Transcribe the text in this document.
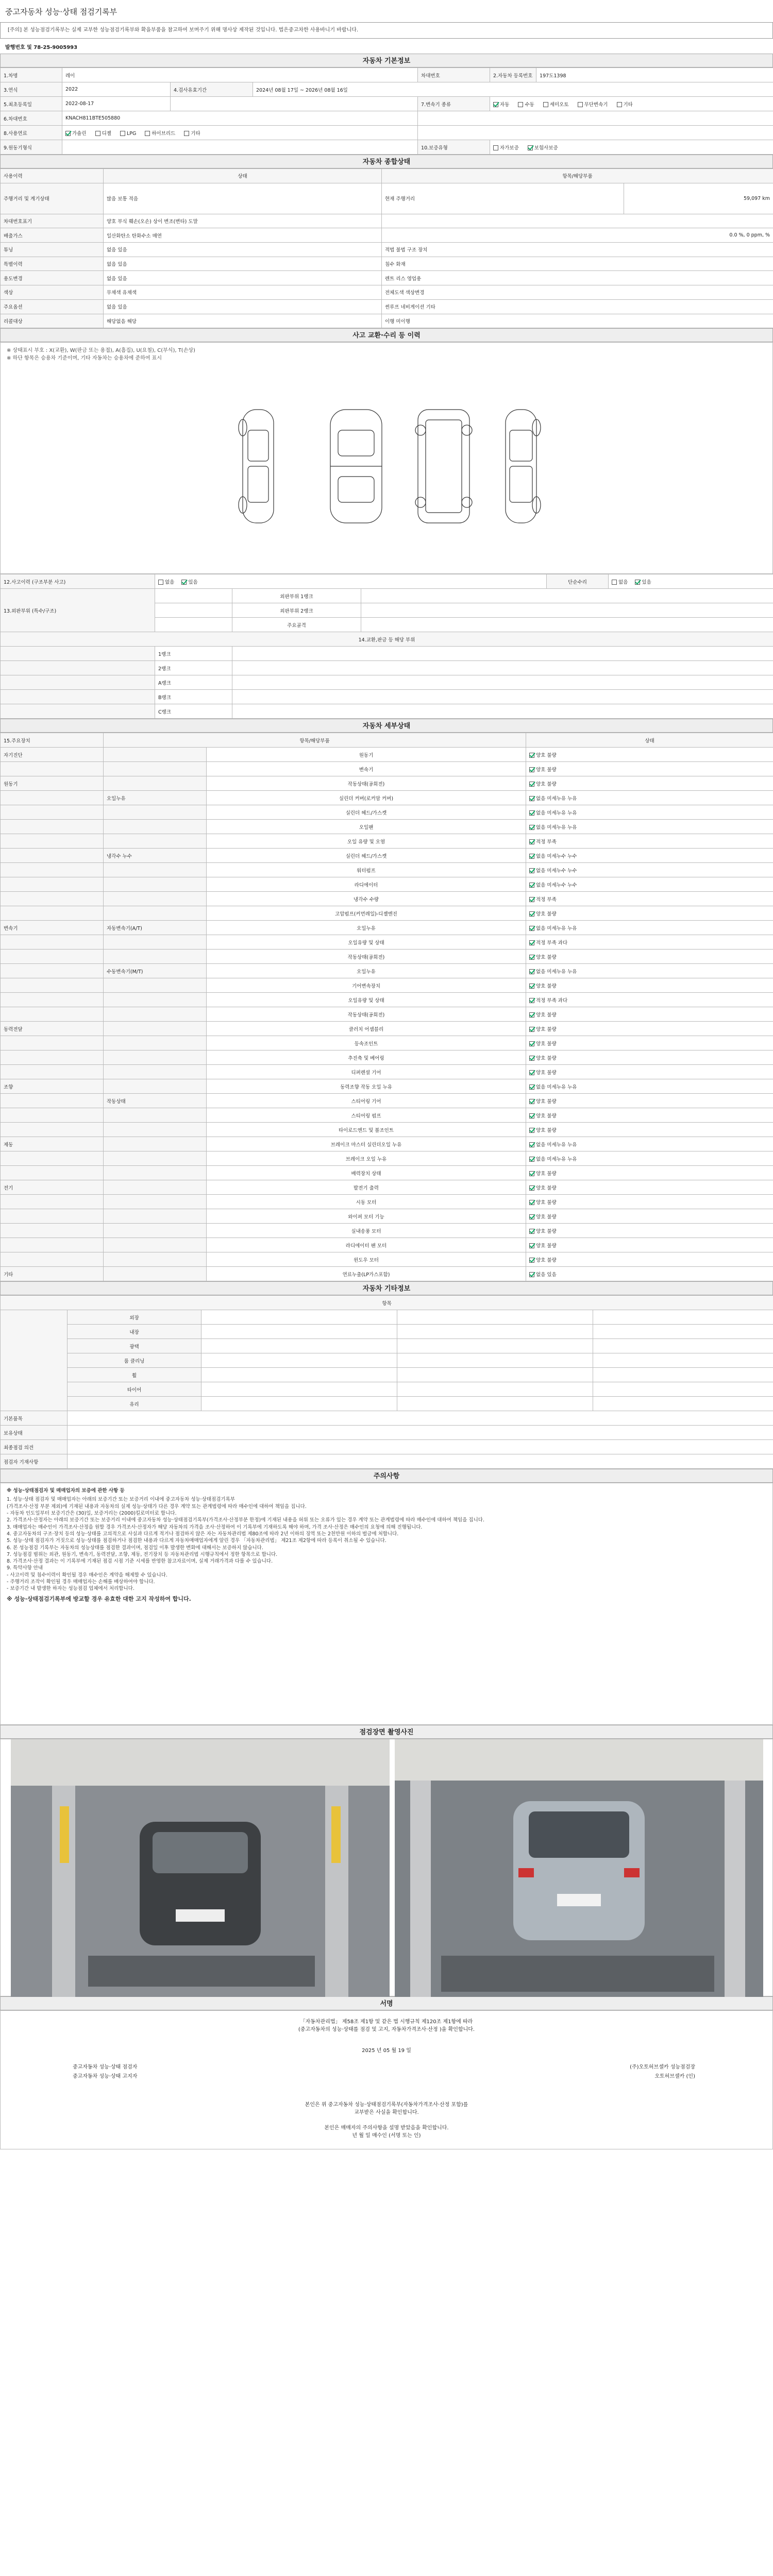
중고자동차 성능·상태 점검기록부
[주의] 본 성능점검기록부는 실제 교부한 성능점검기록부와 확을부품을 참고하여 보며주기 위해 명사상 제작된 것입니다. 법은중고차한 사용바니기 바랍니다.
발행번호 및 78-25-9005993
자동차 기본정보
1.차명	레이			차대번호	2.자동차 등록번호	197도1398
3.연식	2022	4.검사유효기간	2024년 08월 17일 ~ 2026년 08월 16일			
5.최초등록일	2022-08-17			7.변속기 종류	자동 수동 세미오토 무단변속기 기타	
6.차대번호	KNACH811BTE505880					
8.사용연료	가솔린 디젤 LPG 하이브리드 기타					
9.원동기형식				10.보증유형	자가보증 보험사보증	
자동차 종합상태
사용이력	상태	항목/해당부품	
주행거리 및 계기상태	많음 보통 적음	현재 주행거리	59,097 km
차대번호표기	양호 부식 훼손(오손) 상이 변조(변타) 도말		
배출가스	일산화탄소 탄화수소 매연	0.0 %, 0 ppm, %	
튜닝	없음 있음	적법 불법 구조 장치	
특별이력	없음 있음	침수 화재	
용도변경	없음 있음	렌트 리스 영업용	
색상	무채색 유채색	전체도색 색상변경	
주요옵션	없음 있음	썬루프 네비게이션 기타	
리콜대상	해당없음 해당	이행 미이행	
사고 교환·수리 등 이력
※ 상태표시 부호 : X(교환), W(판금 또는 용접), A(흠집), U(요철), C(부식), T(손상)
※ 하단 항목은 승용차 기준이며, 기타 자동차는 승용차에 준하여 표시
12.사고이력 (구조부분 사고)	없음 있음			단순수리	없음 있음
13.외판부위 (특수/구조)		외판부위 1랭크			
		외판부위 2랭크			
		주요골격			
14.교환,판금 등 해당 부위					
	1랭크				
	2랭크				
	A랭크				
	B랭크				
	C랭크				
자동차 세부상태
15.주요장치	항목/해당부품		상태
자기진단		원동기	양호 불량
		변속기	양호 불량
원동기		작동상태(공회전)	양호 불량
	오일누유	실린더 커버(로커암 커버)	없음 미세누유 누유
		실린더 헤드/가스켓	없음 미세누유 누유
		오일팬	없음 미세누유 누유
		오일 유량 및 오염	적정 부족
	냉각수 누수	실린더 헤드/가스켓	없음 미세누수 누수
		워터펌프	없음 미세누수 누수
		라디에이터	없음 미세누수 누수
		냉각수 수량	적정 부족
		고압펌프(커먼레일)-디젤엔진	양호 불량
변속기	자동변속기(A/T)	오일누유	없음 미세누유 누유
		오일유량 및 상태	적정 부족 과다
		작동상태(공회전)	양호 불량
	수동변속기(M/T)	오일누유	없음 미세누유 누유
		기어변속장치	양호 불량
		오일유량 및 상태	적정 부족 과다
		작동상태(공회전)	양호 불량
동력전달		클러치 어셈블리	양호 불량
		등속조인트	양호 불량
		추진축 및 베어링	양호 불량
		디퍼렌셜 기어	양호 불량
조향		동력조향 작동 오일 누유	없음 미세누유 누유
	작동상태	스티어링 기어	양호 불량
		스티어링 펌프	양호 불량
		타이로드엔드 및 볼조인트	양호 불량
제동		브레이크 마스터 실린더오일 누유	없음 미세누유 누유
		브레이크 오일 누유	없음 미세누유 누유
		배력장치 상태	양호 불량
전기		발전기 출력	양호 불량
		시동 모터	양호 불량
		와이퍼 모터 기능	양호 불량
		실내송풍 모터	양호 불량
		라디에이터 팬 모터	양호 불량
		윈도우 모터	양호 불량
기타		연료누출(LP가스포함)	없음 있음
자동차 기타정보
항목				
	외장			
	내장			
	광택			
	룸 클리닝			
	휠			
	타이어			
	유리			
기본품목				
보유상태				
최종점검 의견				
점검자 기재사항				
주의사항
※ 성능·상태점검자 및 매매업자의 보증에 관한 사항 등
1. 성능·상태 점검자 및 매매업자는 아래의 보증기간 또는 보증거리 이내에 중고자동차 성능·상태점검기록부
(가격조사·산정 부분 제외)에 기재된 내용과 자동차의 실제 성능·상태가 다른 경우 계약 또는 관계법령에 따라 매수인에 대하여 책임을 집니다.
- 자동차 인도일부터 보증기간은 (30)일, 보증거리는 (2000)킬로미터로 합니다.
2. 가격조사·산정자는 아래의 보증기간 또는 보증거리 이내에 중고자동차 성능·상태점검기록부(가격조사·산정부분 한정)에 기재된 내용을 허위 또는 오류가 있는 경우 계약 또는 관계법령에 따라 매수인에 대하여 책임을 집니다.
3. 매매업자는 매수인이 가격조사·산정을 원할 경우 가격조사·산정자가 해당 자동차의 가격을 조사·산정하여 이 기록부에 기재하도록 해야 하며, 가격 조사·산정은 매수인의 요청에 의해 진행됩니다.
4. 중고자동차의 구조·장치 등의 성능·상태를 고의적으로 사실과 다르게 적거나 점검하지 않은 자는 자동차관리법 제80조에 따라 2년 이하의 징역 또는 2천만원 이하의 벌금에 처합니다.
5. 성능·상태 점검자가 거짓으로 성능·상태를 점검하거나 점검한 내용과 다르게 자동차매매업자에게 알린 경우 「자동차관리법」 제21조 제2항에 따라 등록이 취소될 수 있습니다.
6. 본 성능점검 기록부는 자동차의 성능상태를 점검한 결과이며, 점검일 이후 발생한 변화에 대해서는 보증하지 않습니다.
7. 성능점검 범위는 외관, 원동기, 변속기, 동력전달, 조향, 제동, 전기장치 등 자동차관리법 시행규칙에서 정한 항목으로 합니다.
8. 가격조사·산정 결과는 이 기록부에 기재된 점검 시점 기준 시세를 반영한 참고자료이며, 실제 거래가격과 다를 수 있습니다.
9. 특약사항 안내
- 사고이력 및 침수이력이 확인될 경우 매수인은 계약을 해제할 수 있습니다.
- 주행거리 조작이 확인될 경우 매매업자는 손해를 배상하여야 합니다.
- 보증기간 내 발생한 하자는 성능점검 업체에서 처리합니다.
※ 성능·상태점검기록부에 방교할 경우 유효한 대한 고지 작성하여 합니다.
점검장면 촬영사진
서명
「자동차관리법」 제58조 제1항 및 같은 법 시행규칙 제120조 제1항에 따라
(중고자동차의 성능·상태를 점검 및 고지, 자동차가격조사·산정 )을 확인합니다.
2025 년 05 월 19 일
중고자동차 성능·상태 점검자
중고자동차 성능·상태 고지자
(주)오토허브셀카 성능점검장
오토허브셀카 (인)
본인은 위 중고자동차 성능·상태점검기록부(자동차가격조사·산정 포함)를
교부받은 사실을 확인합니다.
본인은 매매자의 주의사항을 설명 받았음을 확인합니다.
년 월 일 매수인 (서명 또는 인)
